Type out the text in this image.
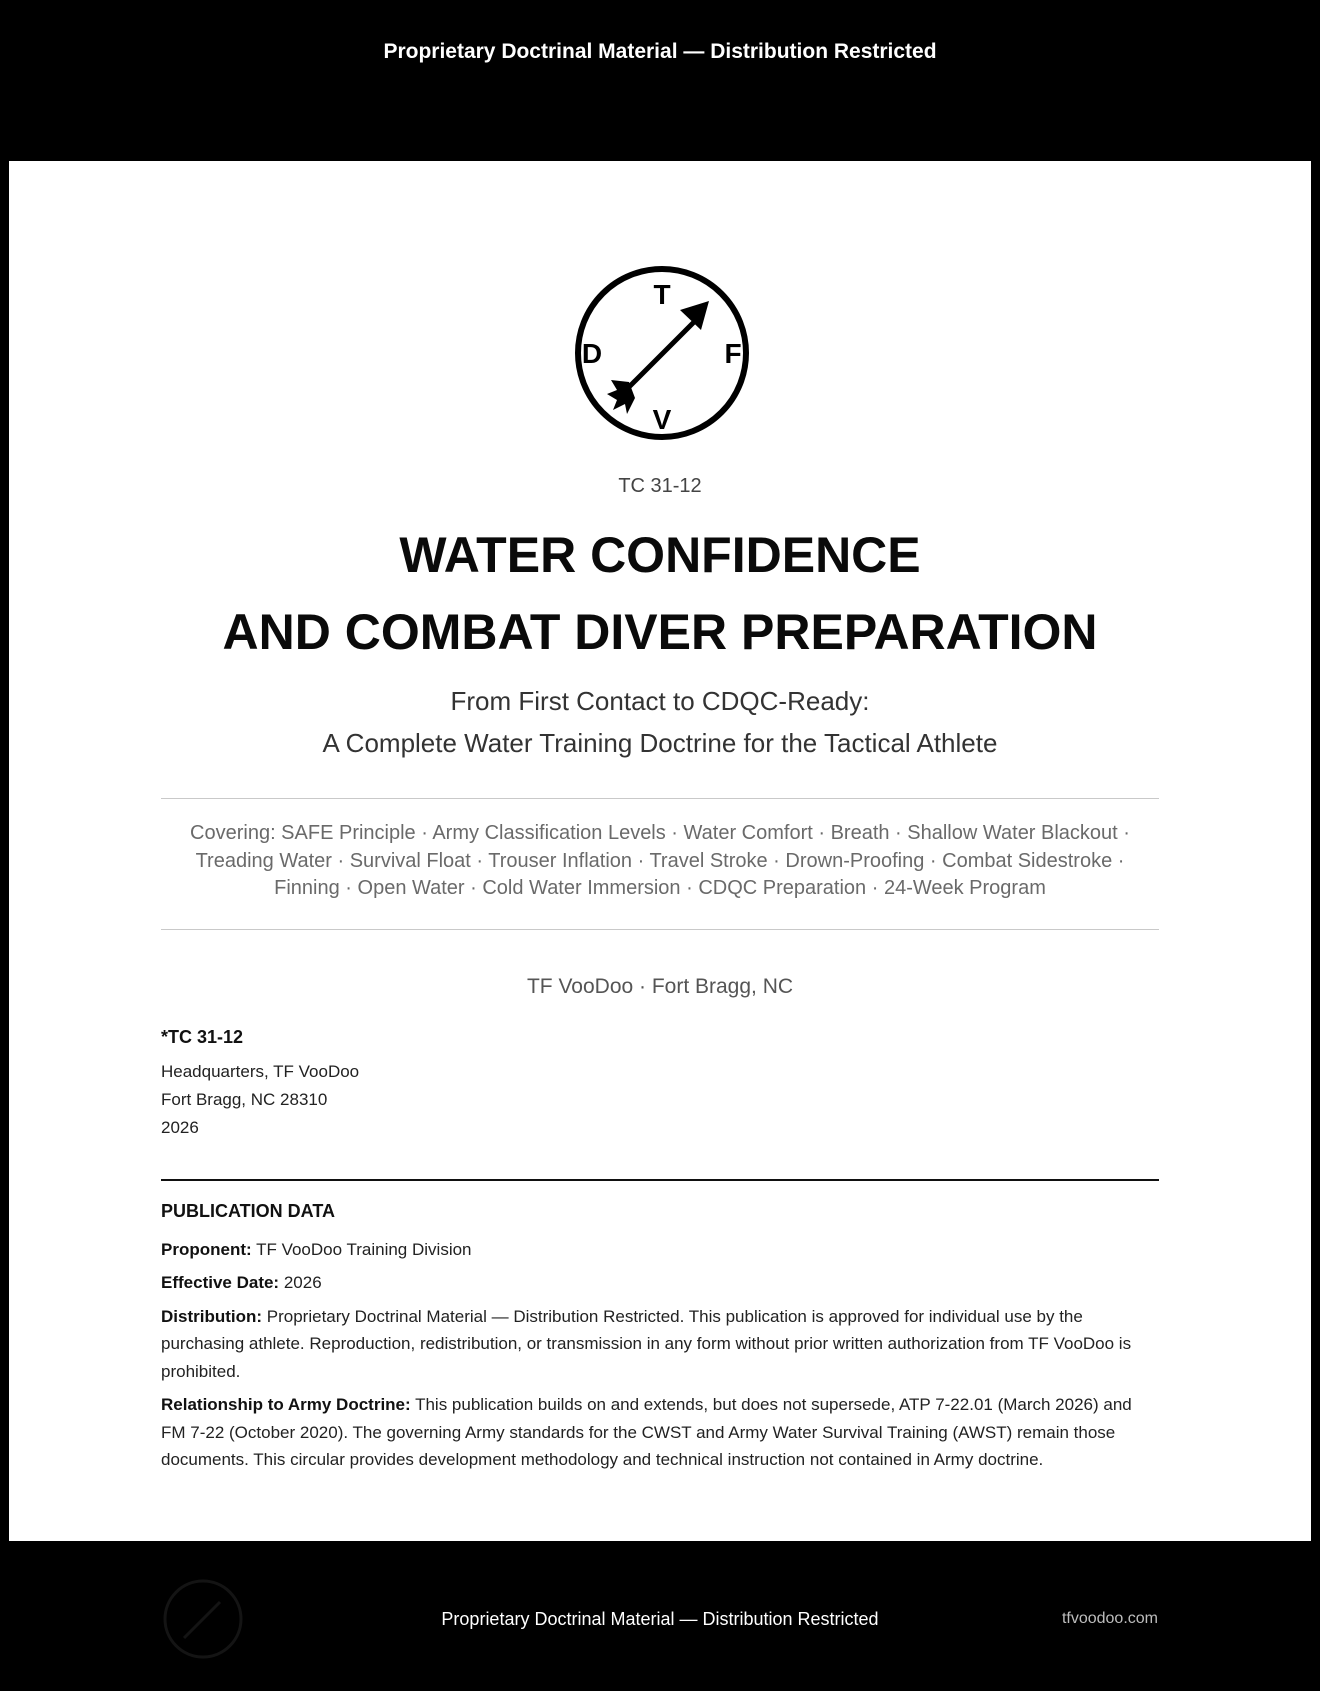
Proprietary Doctrinal Material — Distribution Restricted
T
D	F
V
TC 31-12
WATER CONFIDENCE
AND COMBAT DIVER PREPARATION
From First Contact to CDQC-Ready:
A Complete Water Training Doctrine for the Tactical Athlete
Covering: SAFE Principle · Army Classification Levels · Water Comfort · Breath · Shallow Water Blackout ·
Treading Water · Survival Float · Trouser Inflation · Travel Stroke · Drown-Proofing · Combat Sidestroke ·
Finning · Open Water · Cold Water Immersion · CDQC Preparation · 24-Week Program
TF VooDoo · Fort Bragg, NC
*TC 31-12
Headquarters, TF VooDoo
Fort Bragg, NC 28310
2026
PUBLICATION DATA

Proponent: TF VooDoo Training Division

Effective Date: 2026

Distribution: Proprietary Doctrinal Material — Distribution Restricted. This publication is approved for individual use by the purchasing athlete. Reproduction, redistribution, or transmission in any form without prior written authorization from TF VooDoo is prohibited.

Relationship to Army Doctrine: This publication builds on and extends, but does not supersede, ATP 7-22.01 (March 2026) and FM 7-22 (October 2020). The governing Army standards for the CWST and Army Water Survival Training (AWST) remain those documents. This circular provides development methodology and technical instruction not contained in Army doctrine.

Proprietary Doctrinal Material — Distribution Restricted	tfvoodoo.com
